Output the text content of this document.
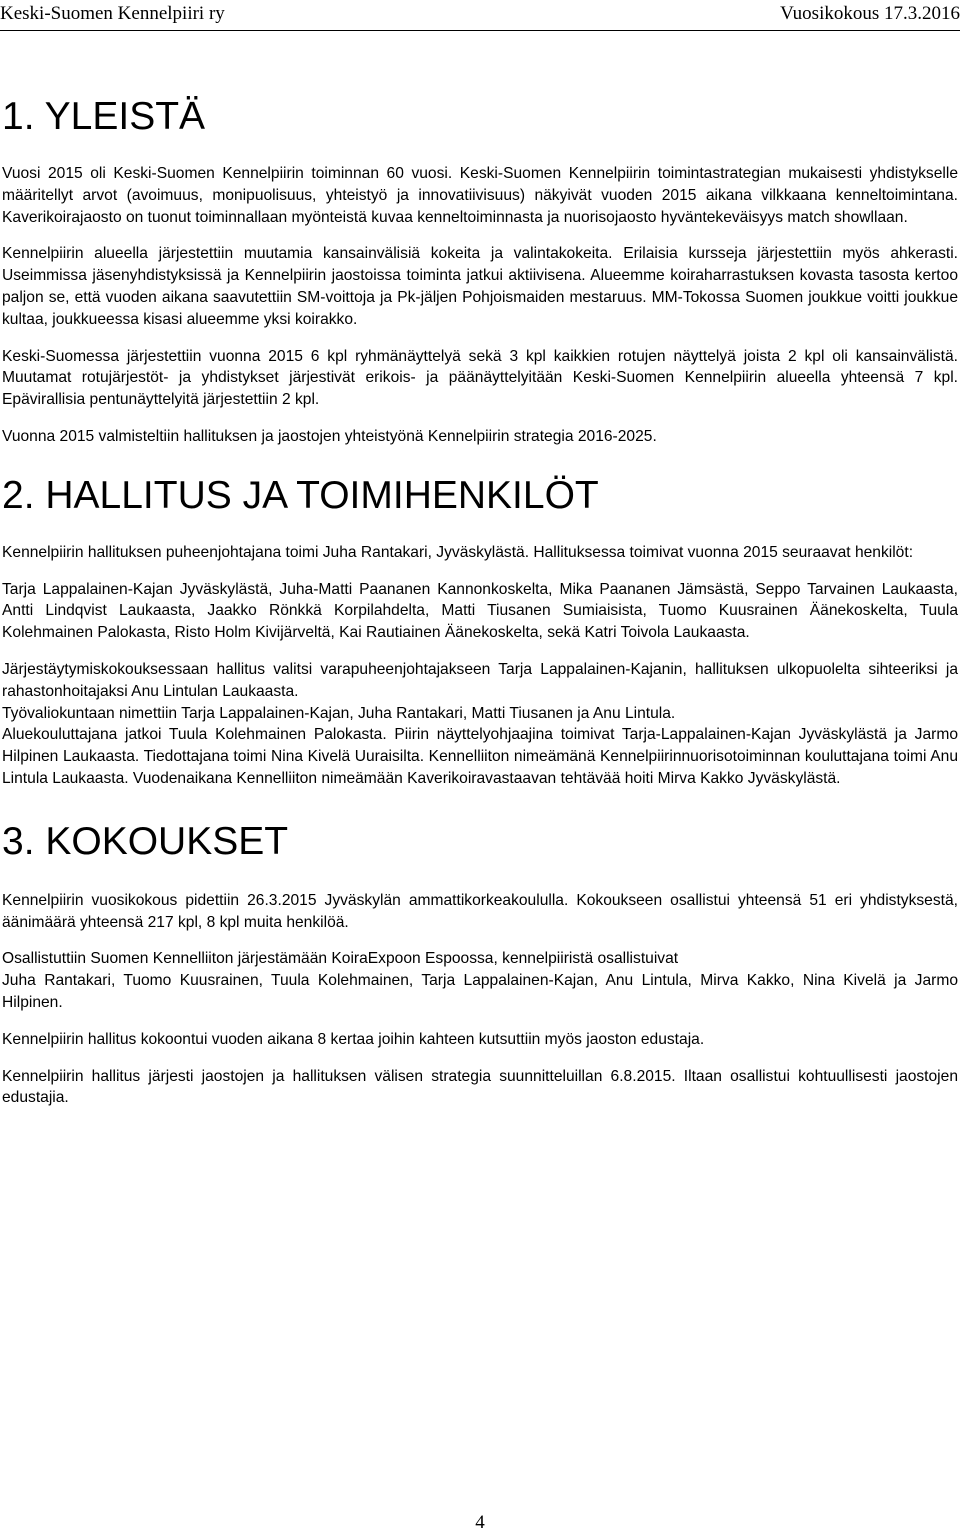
Keski-Suomen Kennelpiiri ry	Vuosikokous 17.3.2016
1. YLEISTÄ

Vuosi 2015 oli Keski-Suomen Kennelpiirin toiminnan 60 vuosi. Keski-Suomen Kennelpiirin toimintastrategian mukaisesti yhdistykselle määritellyt arvot (avoimuus, monipuolisuus, yhteistyö ja innovatiivisuus) näkyivät vuoden 2015 aikana vilkkaana kenneltoimintana. Kaverikoirajaosto on tuonut toiminnallaan myönteistä kuvaa kenneltoiminnasta ja nuorisojaosto hyväntekeväisyys match showllaan.

Kennelpiirin alueella järjestettiin muutamia kansainvälisiä kokeita ja valintakokeita. Erilaisia kursseja järjestettiin myös ahkerasti. Useimmissa jäsenyhdistyksissä ja Kennelpiirin jaostoissa toiminta jatkui aktiivisena. Alueemme koiraharrastuksen kovasta tasosta kertoo paljon se, että vuoden aikana saavutettiin SM-voittoja ja Pk-jäljen Pohjoismaiden mestaruus. MM-Tokossa Suomen joukkue voitti joukkue kultaa, joukkueessa kisasi alueemme yksi koirakko.

Keski-Suomessa järjestettiin vuonna 2015 6 kpl ryhmänäyttelyä sekä 3 kpl kaikkien rotujen näyttelyä joista 2 kpl oli kansainvälistä. Muutamat rotujärjestöt- ja yhdistykset järjestivät erikois- ja päänäyttelyitään Keski-Suomen Kennelpiirin alueella yhteensä 7 kpl. Epävirallisia pentunäyttelyitä järjestettiin 2 kpl.

Vuonna 2015 valmisteltiin hallituksen ja jaostojen yhteistyönä Kennelpiirin strategia 2016-2025.

2. HALLITUS JA TOIMIHENKILÖT

Kennelpiirin hallituksen puheenjohtajana toimi Juha Rantakari, Jyväskylästä. Hallituksessa toimivat vuonna 2015 seuraavat henkilöt:

Tarja Lappalainen-Kajan Jyväskylästä, Juha-Matti Paananen Kannonkoskelta, Mika Paananen Jämsästä, Seppo Tarvainen Laukaasta, Antti Lindqvist Laukaasta, Jaakko Rönkkä Korpilahdelta, Matti Tiusanen Sumiaisista, Tuomo Kuusrainen Äänekoskelta, Tuula Kolehmainen Palokasta, Risto Holm Kivijärveltä, Kai Rautiainen Äänekoskelta, sekä Katri Toivola Laukaasta.

Järjestäytymiskokouksessaan hallitus valitsi varapuheenjohtajakseen Tarja Lappalainen-Kajanin, hallituksen ulkopuolelta sihteeriksi ja rahastonhoitajaksi Anu Lintulan Laukaasta.

Työvaliokuntaan nimettiin Tarja Lappalainen-Kajan, Juha Rantakari, Matti Tiusanen ja Anu Lintula.

Aluekouluttajana jatkoi Tuula Kolehmainen Palokasta. Piirin näyttelyohjaajina toimivat Tarja-Lappalainen-Kajan Jyväskylästä ja Jarmo Hilpinen Laukaasta. Tiedottajana toimi Nina Kivelä Uuraisilta. Kennelliiton nimeämänä Kennelpiirinnuorisotoiminnan kouluttajana toimi Anu Lintula Laukaasta. Vuodenaikana Kennelliiton nimeämään Kaverikoiravastaavan tehtävää hoiti Mirva Kakko Jyväskylästä.

3. KOKOUKSET

Kennelpiirin vuosikokous pidettiin 26.3.2015 Jyväskylän ammattikorkeakoululla. Kokoukseen osallistui yhteensä 51 eri yhdistyksestä, äänimäärä yhteensä 217 kpl, 8 kpl muita henkilöä.

Osallistuttiin Suomen Kennelliiton järjestämään KoiraExpoon Espoossa, kennelpiiristä osallistuivat

Juha Rantakari, Tuomo Kuusrainen, Tuula Kolehmainen, Tarja Lappalainen-Kajan, Anu Lintula, Mirva Kakko, Nina Kivelä ja Jarmo Hilpinen.

Kennelpiirin hallitus kokoontui vuoden aikana 8 kertaa joihin kahteen kutsuttiin myös jaoston edustaja.

Kennelpiirin hallitus järjesti jaostojen ja hallituksen välisen strategia suunnitteluillan 6.8.2015. Iltaan osallistui kohtuullisesti jaostojen edustajia.

4
